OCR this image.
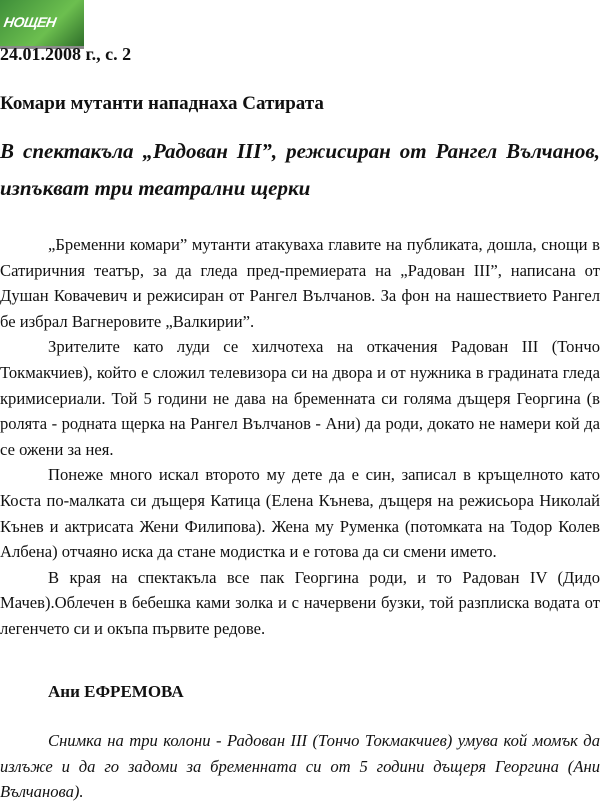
НОЩЕН
24.01.2008 г., с. 2
Комари мутанти нападнаха Сатирата
В спектакъла „Радован ІІІ”, режисиран от Рангел Вълчанов, изпъкват три театрални щерки

„Бременни комари” мутанти атакуваха главите на публиката, дошла, снощи в Сатиричния театър, за да гледа пред-премиерата на „Радован ІІІ”, написана от Душан Ковачевич и режисиран от Рангел Вълчанов. За фон на нашествието Рангел бе избрал Вагнеровите „Валкирии”.

Зрителите като луди се хилчотеха на откачения Радован ІІІ (Тончо Токмакчиев), който е сложил телевизора си на двора и от нужника в градината гледа кримисериали. Той 5 години не дава на бременната си голяма дъщеря Георгина (в ролята - родната щерка на Рангел Вълчанов - Ани) да роди, докато не намери кой да се ожени за нея.

Понеже много искал второто му дете да е син, записал в кръщелното като Коста по-малката си дъщеря Катица (Елена Кънева, дъщеря на режисьора Николай Кънев и актрисата Жени Филипова). Жена му Руменка (потомката на Тодор Колев Албена) отчаяно иска да стане модистка и е готова да си смени името.

В края на спектакъла все пак Георгина роди, и то Радован ІV (Дидо Мачев).Облечен в бебешка ками золка и с начервени бузки, той разплиска водата от легенчето си и окъпа първите редове.

Ани ЕФРЕМОВА
Снимка на три колони - Радован ІІІ (Тончо Токмакчиев) умува кой момък да излъже и да го задоми за бременната си от 5 години дъщеря Георгина (Ани Вълчанова).
